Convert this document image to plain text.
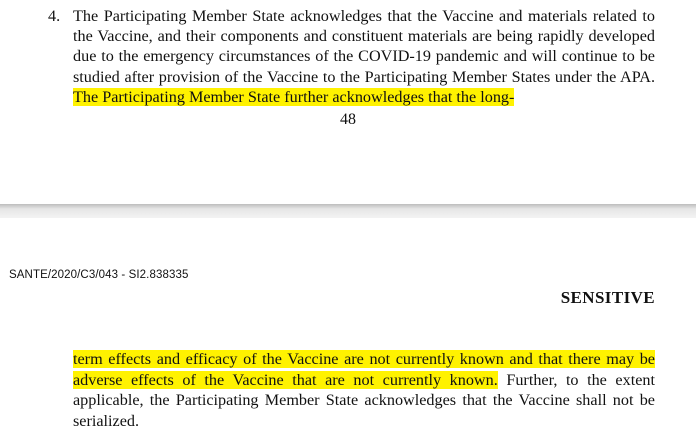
4. The Participating Member State acknowledges that the Vaccine and materials related to the Vaccine, and their components and constituent materials are being rapidly developed due to the emergency circumstances of the COVID-19 pandemic and will continue to be studied after provision of the Vaccine to the Participating Member States under the APA. The Participating Member State further acknowledges that the long-

48
SANTE/2020/C3/043 - SI2.838335
SENSITIVE

term effects and efficacy of the Vaccine are not currently known and that there may be adverse effects of the Vaccine that are not currently known. Further, to the extent applicable, the Participating Member State acknowledges that the Vaccine shall not be serialized.
